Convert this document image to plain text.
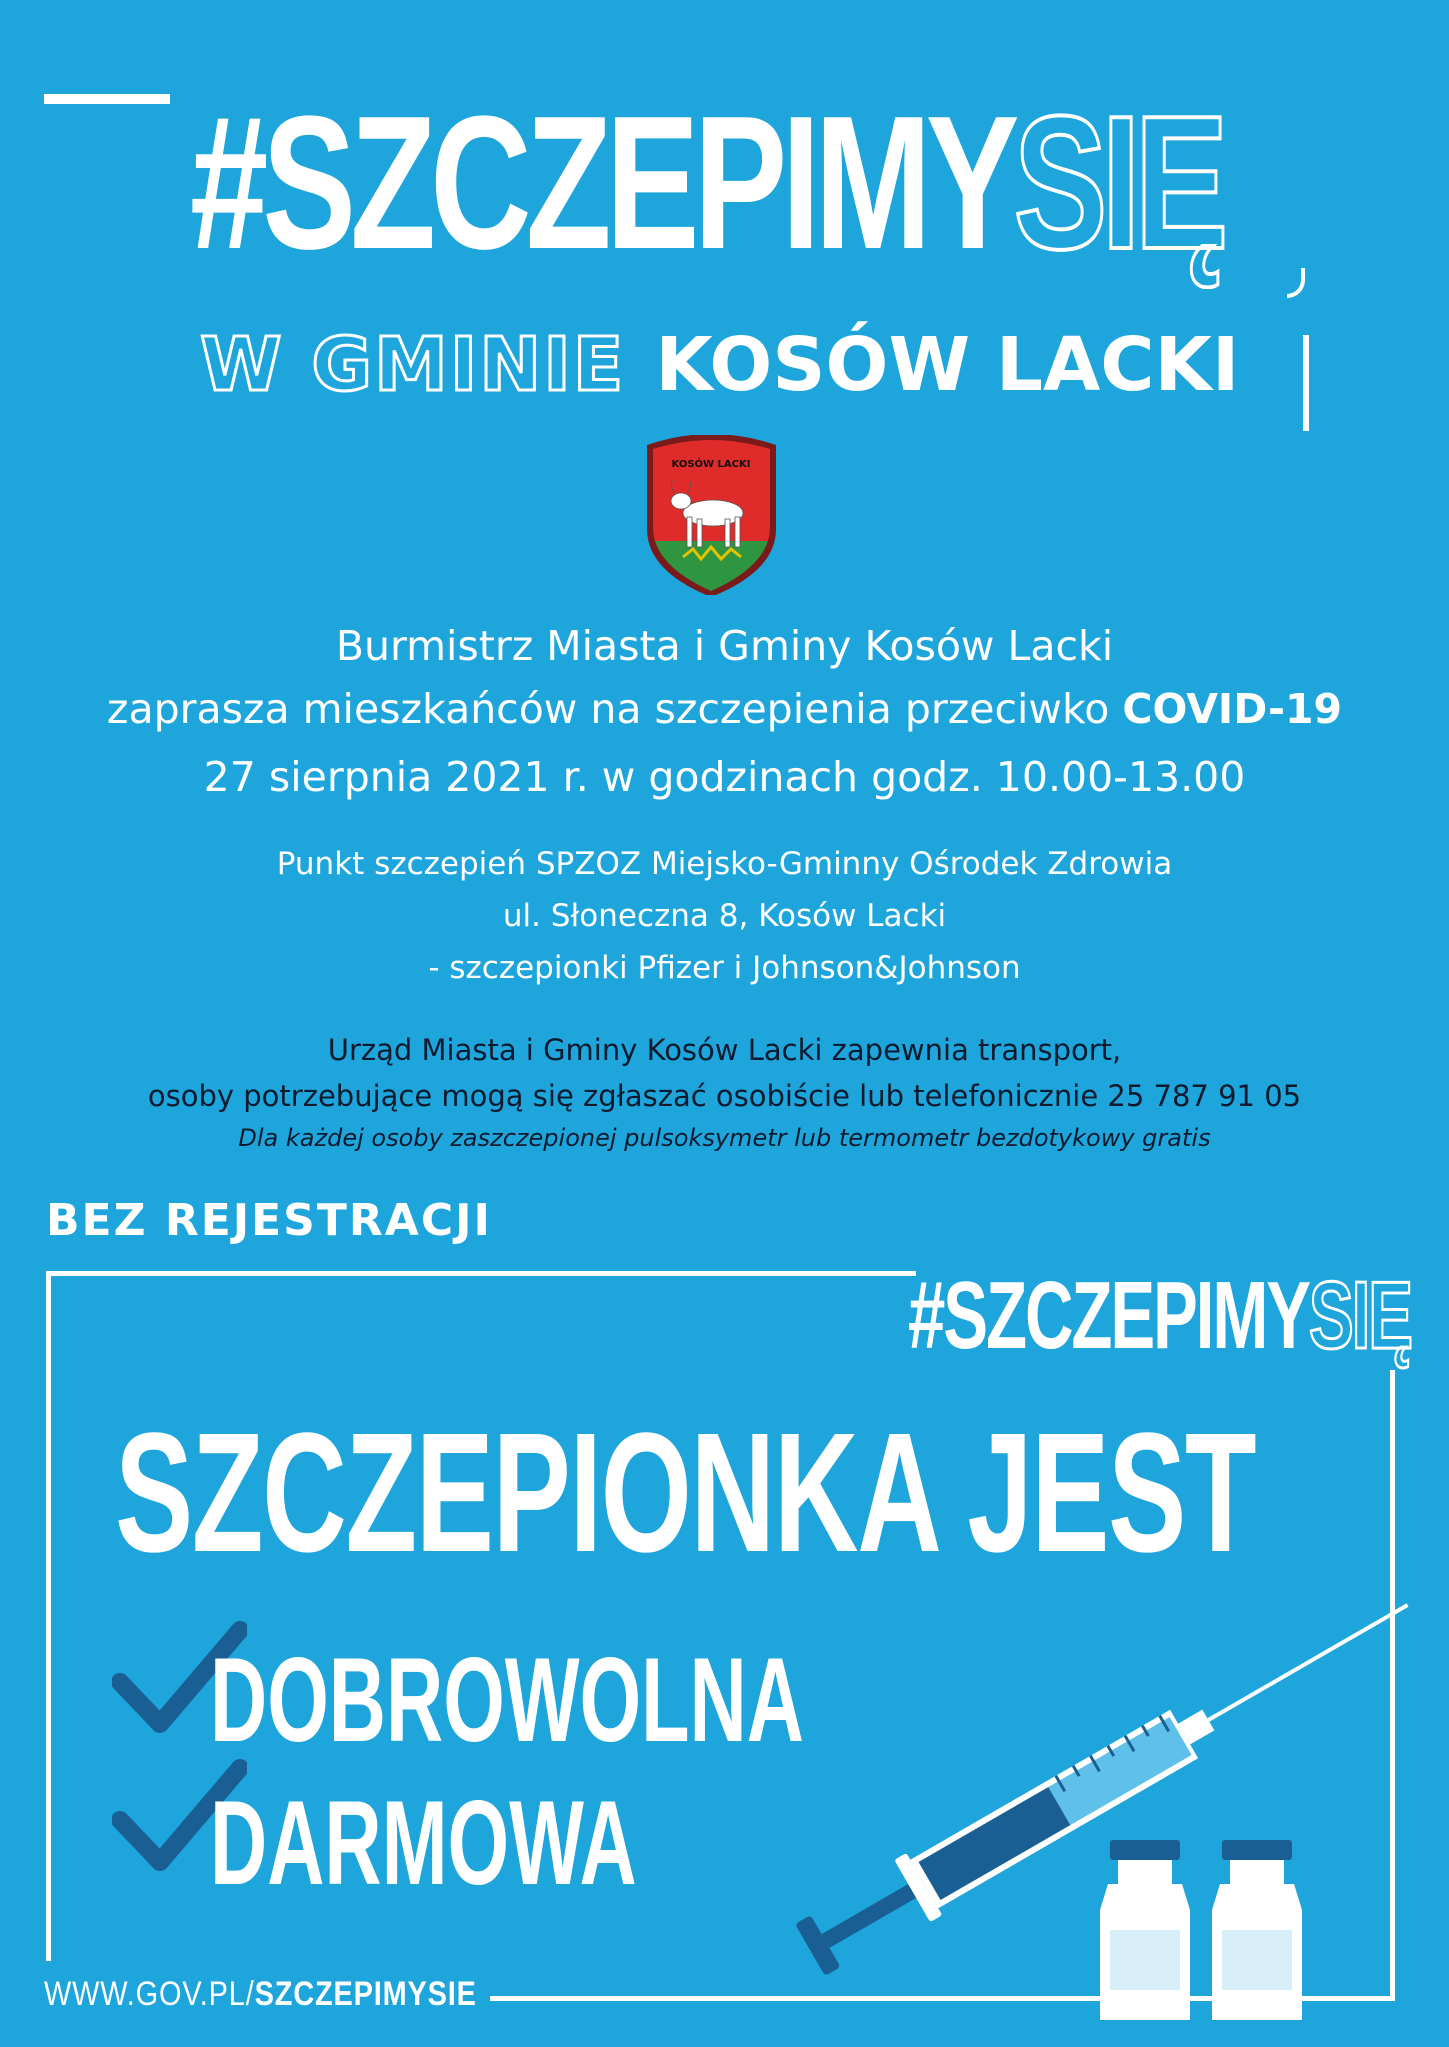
#SZCZEPIMYSIĘ
W GMINIE KOSÓW LACKI
KOSÓW LACKI
Burmistrz Miasta i Gminy Kosów Lacki
zaprasza mieszkańców na szczepienia przeciwko COVID-19
27 sierpnia 2021 r. w godzinach godz. 10.00-13.00
Punkt szczepień SPZOZ Miejsko-Gminny Ośrodek Zdrowia
ul. Słoneczna 8, Kosów Lacki
- szczepionki Pfizer i Johnson&Johnson
Urząd Miasta i Gminy Kosów Lacki zapewnia transport,
osoby potrzebujące mogą się zgłaszać osobiście lub telefonicznie 25 787 91 05
Dla każdej osoby zaszczepionej pulsoksymetr lub termometr bezdotykowy gratis
BEZ REJESTRACJI
#SZCZEPIMYSIĘ
SZCZEPIONKA JEST
DOBROWOLNA
DARMOWA
WWW.GOV.PL/SZCZEPIMYSIE
